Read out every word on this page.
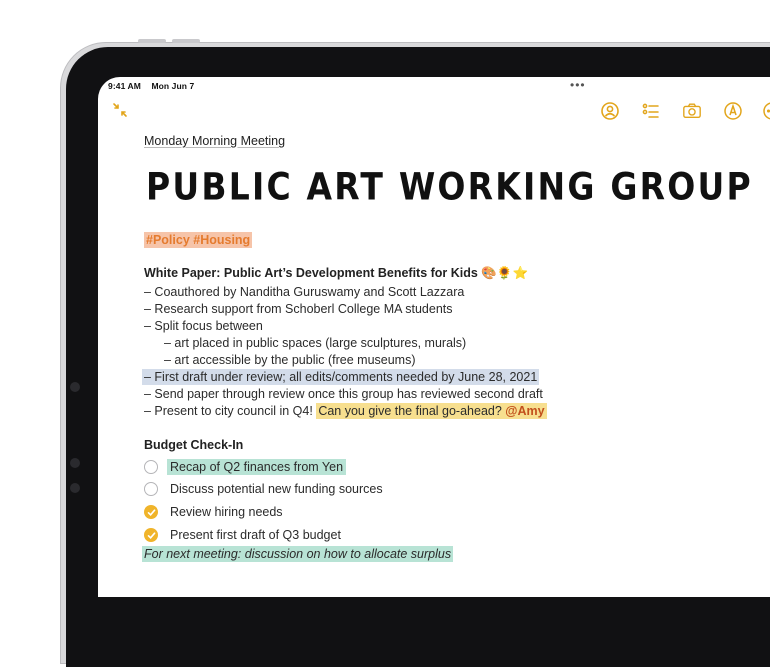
9:41 AM Mon Jun 7	•••
Monday Morning Meeting
PUBLIC ART WORKING GROUP
#Policy #Housing
White Paper: Public Art’s Development Benefits for Kids 🎨🌻⭐
– Coauthored by Nanditha Guruswamy and Scott Lazzara
– Research support from Schoberl College MA students
– Split focus between
– art placed in public spaces (large sculptures, murals)
– art accessible by the public (free museums)
– First draft under review; all edits/comments needed by June 28, 2021
– Send paper through review once this group has reviewed second draft
– Present to city council in Q4! Can you give the final go-ahead? @Amy
Budget Check-In
Recap of Q2 finances from Yen
Discuss potential new funding sources
Review hiring needs
Present first draft of Q3 budget
For next meeting: discussion on how to allocate surplus
